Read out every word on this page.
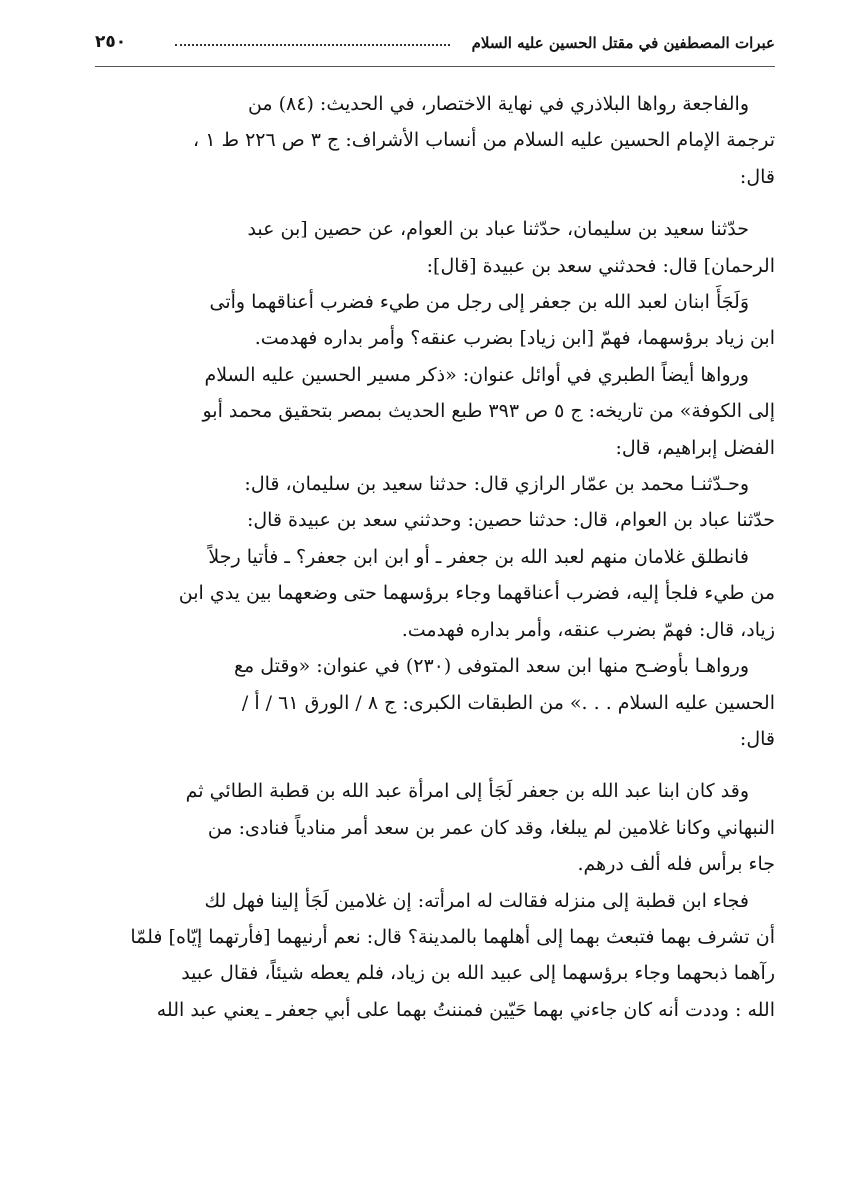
عبرات المصطفين في مقتل الحسين عليه السلام
٢٥٠
والفاجعة رواها البلاذري في نهاية الاختصار، في الحديث: (٨٤) من
ترجمة الإمام الحسين عليه السلام من أنساب الأشراف: ج ٣ ص ٢٢٦ ط ١ ،
قال:
حدّثنا سعيد بن سليمان، حدّثنا عباد بن العوام، عن حصين [بن عبد
الرحمان] قال: فحدثني سعد بن عبيدة [قال]:
وَلَجَأَ ابنان لعبد الله بن جعفر إلى رجل من طيء فضرب أعناقهما وأتى
ابن زياد برؤسهما، فهمّ [ابن زياد] بضرب عنقه؟ وأمر بداره فهدمت.
ورواها أيضاً الطبري في أوائل عنوان: «ذكر مسير الحسين عليه السلام
إلى الكوفة» من تاريخه: ج ٥ ص ٣٩٣ طبع الحديث بمصر بتحقيق محمد أبو
الفضل إبراهيم، قال:
وحـدّثنـا محمد بن عمّار الرازي قال: حدثنا سعيد بن سليمان، قال:
حدّثنا عباد بن العوام، قال: حدثنا حصين: وحدثني سعد بن عبيدة قال:
فانطلق غلامان منهم لعبد الله بن جعفر ـ أو ابن ابن جعفر؟ ـ فأتيا رجلاً
من طيء فلجأ إليه، فضرب أعناقهما وجاء برؤسهما حتى وضعهما بين يدي ابن
زياد، قال: فهمّ بضرب عنقه، وأمر بداره فهدمت.
ورواهـا بأوضـح منها ابن سعد المتوفى (٢٣٠) في عنوان: «وقتل مع
الحسين عليه السلام . . .» من الطبقات الكبرى: ج ٨ / الورق ٦١ / أ /
قال:
وقد كان ابنا عبد الله بن جعفر لَجَأ إلى امرأة عبد الله بن قطبة الطائي ثم
النبهاني وكانا غلامين لم يبلغا، وقد كان عمر بن سعد أمر منادياً فنادى: من
جاء برأس فله ألف درهم.
فجاء ابن قطبة إلى منزله فقالت له امرأته: إن غلامين لَجَأ إلينا فهل لك
أن تشرف بهما فتبعث بهما إلى أهلهما بالمدينة؟ قال: نعم أرنيهما [فأرتهما إيّاه] فلمّا
رآهما ذبحهما وجاء برؤسهما إلى عبيد الله بن زياد، فلم يعطه شيئاً، فقال عبيد
الله : وددت أنه كان جاءني بهما حَيّين فمننتُ بهما على أبي جعفر ـ يعني عبد الله
